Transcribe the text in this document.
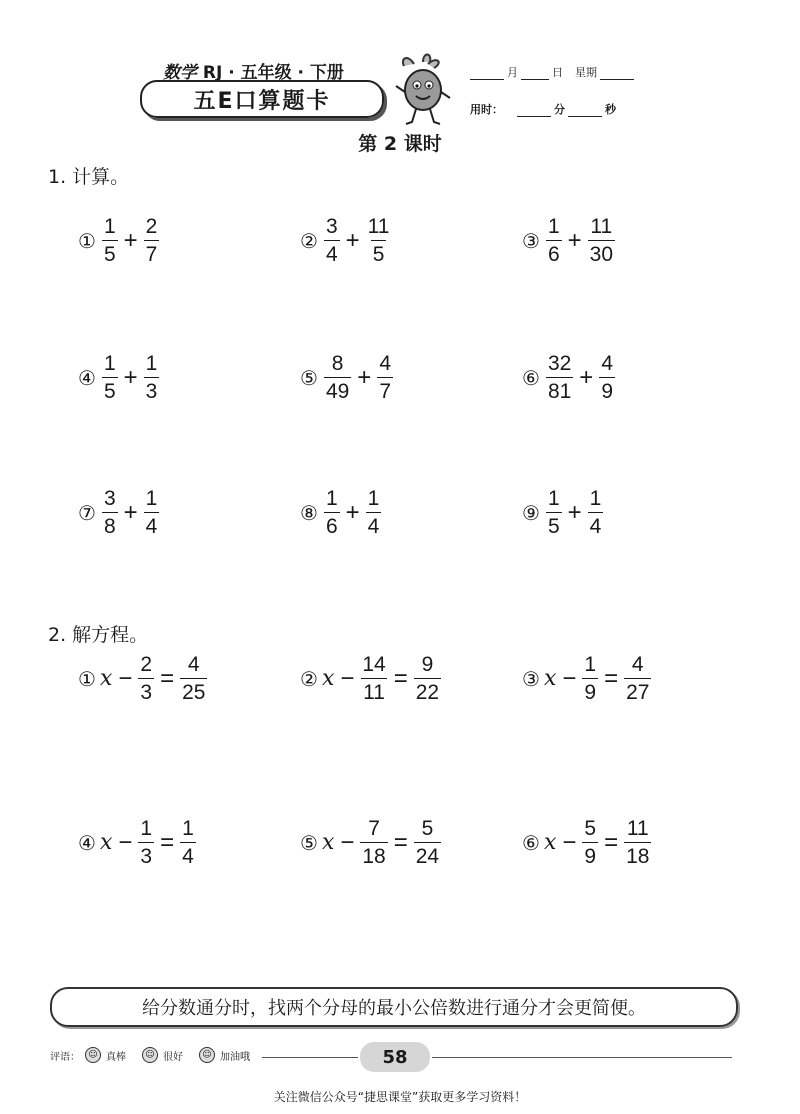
数学 RJ · 五年级 · 下册
五E口算题卡
月	日 星期
用时：	分	秒
第 2 课时
1. 计算。
① $\frac{1}{5} + \frac{2}{7}$	② $\frac{3}{4} + \frac{11}{5}$	③ $\frac{1}{6} + \frac{11}{30}$
④ $\frac{1}{5} + \frac{1}{3}$	⑤ $\frac{8}{49} + \frac{4}{7}$	⑥ $\frac{32}{81} + \frac{4}{9}$
⑦ $\frac{3}{8} + \frac{1}{4}$	⑧ $\frac{1}{6} + \frac{1}{4}$	⑨ $\frac{1}{5} + \frac{1}{4}$
2. 解方程。
① $x - \frac{2}{3} = \frac{4}{25}$	② $x - \frac{14}{11} = \frac{9}{22}$	③ $x - \frac{1}{9} = \frac{4}{27}$
④ $x - \frac{1}{3} = \frac{1}{4}$	⑤ $x - \frac{7}{18} = \frac{5}{24}$	⑥ $x - \frac{5}{9} = \frac{11}{18}$
给分数通分时，找两个分母的最小公倍数进行通分才会更简便。
评语： ☺ 真棒	☺ 很好	☺ 加油哦	58
关注微信公众号“捷思课堂”获取更多学习资料！
